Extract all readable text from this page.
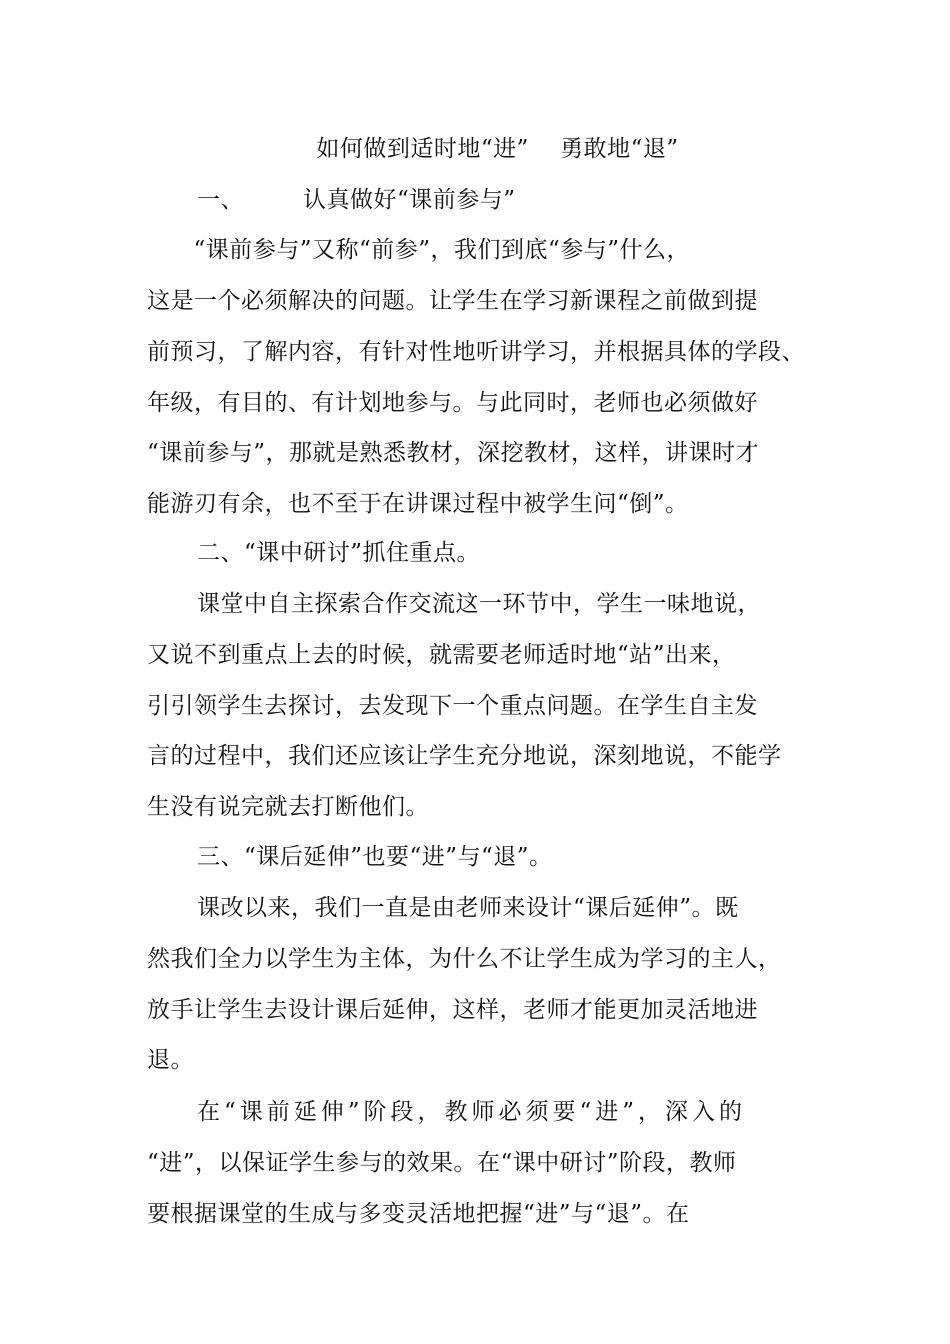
如何做到适时地“进”　 勇敢地“退”
一、　　　认真做好“课前参与”
　“课前参与”又称“前参”，我们到底“参与”什么，
这是一个必须解决的问题。让学生在学习新课程之前做到提
前预习，了解内容，有针对性地听讲学习，并根据具体的学段、
年级，有目的、有计划地参与。与此同时，老师也必须做好
“课前参与”，那就是熟悉教材，深挖教材，这样，讲课时才
能游刃有余，也不至于在讲课过程中被学生问“倒”。
二、“课中研讨”抓住重点。
课堂中自主探索合作交流这一环节中，学生一味地说，
又说不到重点上去的时候，就需要老师适时地“站”出来，
引引领学生去探讨，去发现下一个重点问题。在学生自主发
言的过程中，我们还应该让学生充分地说，深刻地说，不能学
生没有说完就去打断他们。
三、“课后延伸”也要“进”与“退”。
课改以来，我们一直是由老师来设计“课后延伸”。既
然我们全力以学生为主体，为什么不让学生成为学习的主人，
放手让学生去设计课后延伸，这样，老师才能更加灵活地进
退。
在“课前延伸”阶段，教师必须要“进”，深入的
“进”，以保证学生参与的效果。在“课中研讨”阶段，教师
要根据课堂的生成与多变灵活地把握“进”与“退”。在
